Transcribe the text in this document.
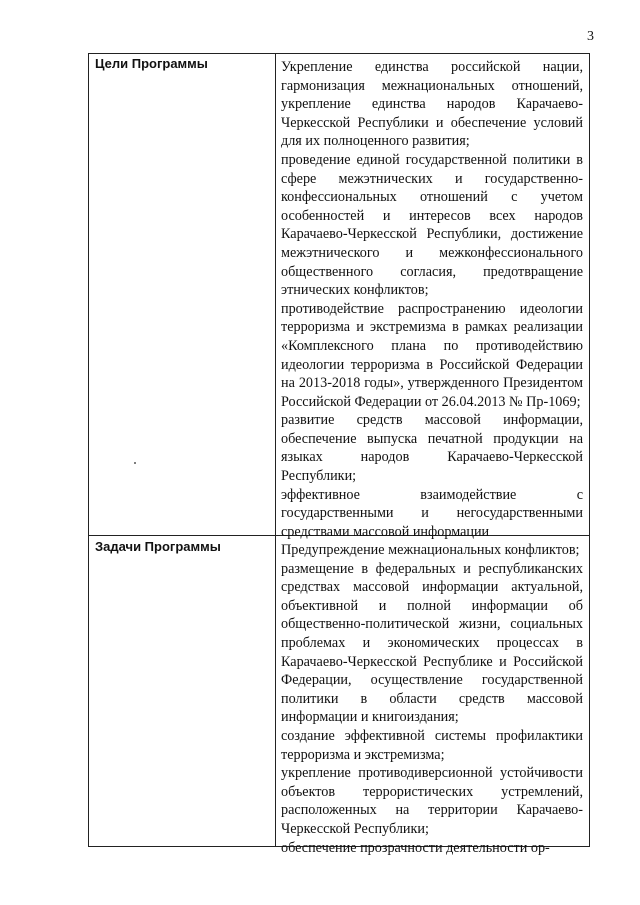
3
Цели Программы	Укрепление единства российской нации, гармонизация межнациональных отношений, укрепление единства народов Карачаево-Черкесской Республики и обеспечение условий для их полноценного развития;

проведение единой государственной политики в сфере межэтнических и государственно-конфессиональных отношений с учетом особенностей и интересов всех народов Карачаево-Черкесской Республики, достижение межэтнического и межконфессионального общественного согласия, предотвращение этнических конфликтов;

противодействие распространению идеологии терроризма и экстремизма в рамках реализации «Комплексного плана по противодействию идеологии терроризма в Российской Федерации на 2013-2018 годы», утвержденного Президентом Российской Федерации от 26.04.2013 № Пр-1069;

развитие средств массовой информации, обеспечение выпуска печатной продукции на языках народов Карачаево-Черкесской Республики;

эффективное взаимодействие с государственными и негосударственными средствами массовой информации

Задачи Программы	Предупреждение межнациональных конфликтов;

размещение в федеральных и республиканских средствах массовой информации актуальной, объективной и полной информации об общественно-политической жизни, социальных проблемах и экономических процессах в Карачаево-Черкесской Республике и Российской Федерации, осуществление государственной политики в области средств массовой информации и книгоиздания;

создание эффективной системы профилактики терроризма и экстремизма;

укрепление противодиверсионной устойчивости объектов террористических устремлений, расположенных на территории Карачаево-Черкесской Республики;

обеспечение прозрачности деятельности ор-
